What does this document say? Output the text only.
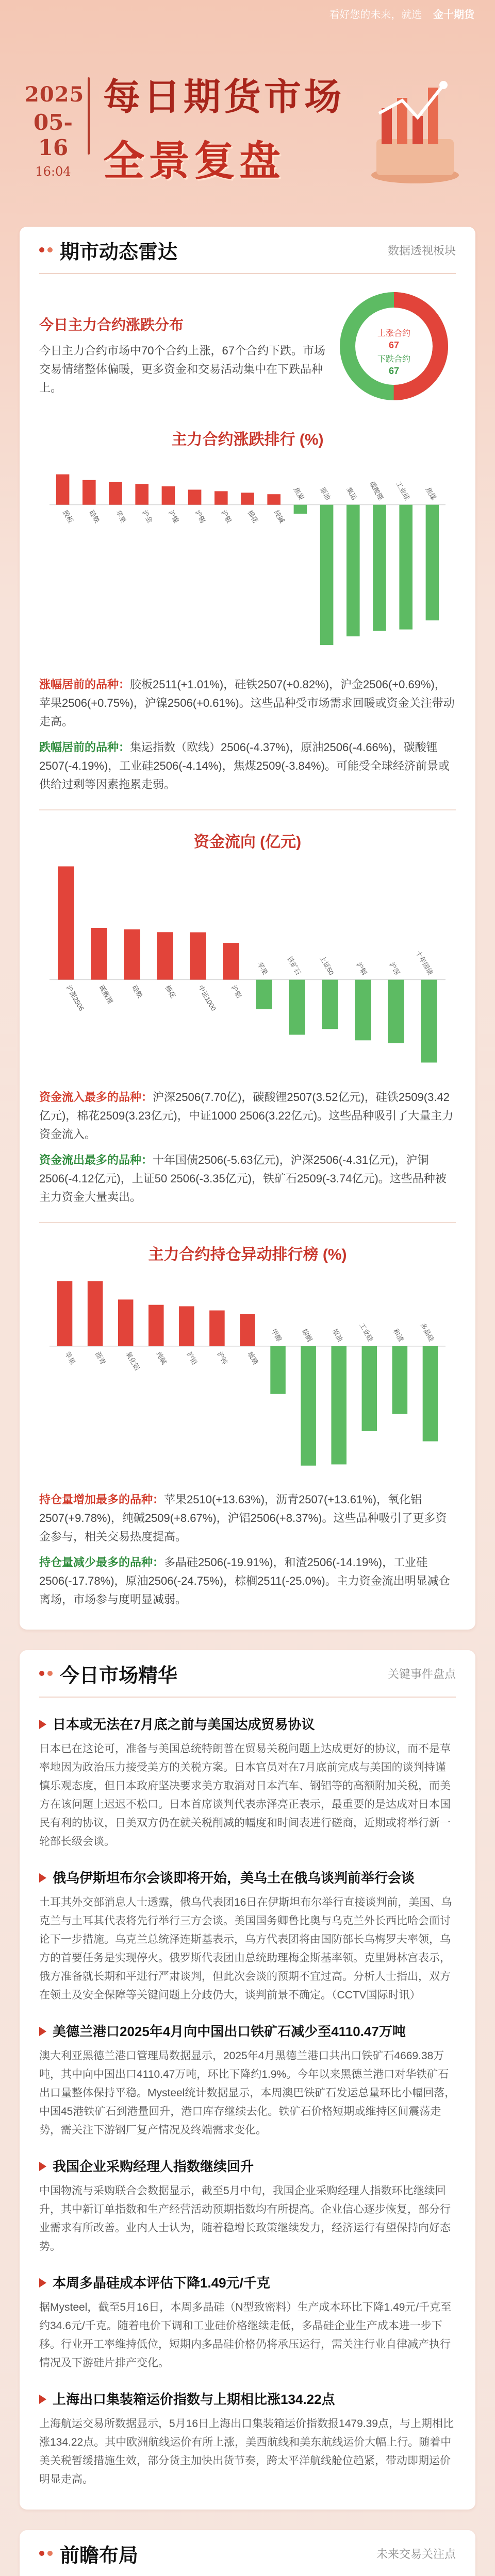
看好您的未来，就选 金十期货
2025
05-16
16:04
每日期货市场
全景复盘
期市动态雷达	数据透视板块
今日主力合约涨跌分布
今日主力合约市场中70个合约上涨，67个合约下跌。市场交易情绪整体偏暖，更多资金和交易活动集中在下跌品种上。
上涨合约
67
下跌合约
67
主力合约涨跌排行 (%)
胶板 硅铁 苹果 沪金 沪镍 沪锡 沪银 棉花 纯碱
焦炭 原油 集运 碳酸锂 工业硅 焦煤
涨幅居前的品种：胶板2511(+1.01%)，硅铁2507(+0.82%)，沪金2506(+0.69%)，苹果2506(+0.75%)，沪镍2506(+0.61%)。这些品种受市场需求回暖或资金关注带动走高。
跌幅居前的品种：集运指数（欧线）2506(-4.37%)，原油2506(-4.66%)，碳酸锂2507(-4.19%)，工业硅2506(-4.14%)，焦煤2509(-3.84%)。可能受全球经济前景或供给过剩等因素拖累走弱。
资金流向 (亿元)
沪深2506 碳酸锂 硅铁	棉花	中证1000 沪铝
苹果 铁矿石 上证50	沪铜	沪深 十年国债
资金流入最多的品种：沪深2506(7.70亿)，碳酸锂2507(3.52亿元)，硅铁2509(3.42亿元)，棉花2509(3.23亿元)，中证1000 2506(3.22亿元)。这些品种吸引了大量主力资金流入。
资金流出最多的品种：十年国债2506(-5.63亿元)，沪深2506(-4.31亿元)，沪铜2506(-4.12亿元)，上证50 2506(-3.35亿元)，铁矿石2509(-3.74亿元)。这些品种被主力资金大量卖出。
主力合约持仓异动排行榜 (%)
苹果	沥青	氧化铝 纯碱	沪铝	沪锌	玻璃
甲醇	棕榈	原油 工业硅	和渣 多晶硅
持仓量增加最多的品种：苹果2510(+13.63%)，沥青2507(+13.61%)，氧化铝2507(+9.78%)，纯碱2509(+8.67%)，沪铝2506(+8.37%)。这些品种吸引了更多资金参与，相关交易热度提高。
持仓量减少最多的品种：多晶硅2506(-19.91%)，和渣2506(-14.19%)，工业硅2506(-17.78%)，原油2506(-24.75%)，棕榈2511(-25.0%)。主力资金流出明显减仓离场，市场参与度明显减弱。
今日市场精华	关键事件盘点
日本或无法在7月底之前与美国达成贸易协议
日本已在这论可，准备与美国总统特朗普在贸易关税问题上达成更好的协议，而不是草率地因为政治压力接受美方的关税方案。日本官员对在7月底前完成与美国的谈判持谨慎乐观态度，但日本政府坚决要求美方取消对日本汽车、钢铝等的高额附加关税，而美方在该问题上迟迟不松口。日本首席谈判代表赤泽亮正表示，最重要的是达成对日本国民有利的协议，日美双方仍在就关税削减的幅度和时间表进行磋商，近期或将举行新一轮部长级会谈。
俄乌伊斯坦布尔会谈即将开始，美乌土在俄乌谈判前举行会谈
土耳其外交部消息人士透露，俄乌代表团16日在伊斯坦布尔举行直接谈判前，美国、乌克兰与土耳其代表将先行举行三方会谈。美国国务卿鲁比奥与乌克兰外长西比哈会面讨论下一步措施。乌克兰总统泽连斯基表示，乌方代表团将由国防部长乌梅罗夫率领，乌方的首要任务是实现停火。俄罗斯代表团由总统助理梅金斯基率领。克里姆林宫表示，俄方准备就长期和平进行严肃谈判，但此次会谈的预期不宜过高。分析人士指出，双方在领土及安全保障等关键问题上分歧仍大，谈判前景不确定。（CCTV国际时讯）
美德兰港口2025年4月向中国出口铁矿石减少至4110.47万吨
澳大利亚黑德兰港口管理局数据显示，2025年4月黑德兰港口共出口铁矿石4669.38万吨，其中向中国出口4110.47万吨，环比下降约1.9%。今年以来黑德兰港口对华铁矿石出口量整体保持平稳。Mysteel统计数据显示，本周澳巴铁矿石发运总量环比小幅回落，中国45港铁矿石到港量回升，港口库存继续去化。铁矿石价格短期或维持区间震荡走势，需关注下游钢厂复产情况及终端需求变化。
我国企业采购经理人指数继续回升
中国物流与采购联合会数据显示，截至5月中旬，我国企业采购经理人指数环比继续回升，其中新订单指数和生产经营活动预期指数均有所提高。企业信心逐步恢复，部分行业需求有所改善。业内人士认为，随着稳增长政策继续发力，经济运行有望保持向好态势。
本周多晶硅成本评估下降1.49元/千克
据Mysteel，截至5月16日，本周多晶硅（N型致密料）生产成本环比下降1.49元/千克至约34.6元/千克。随着电价下调和工业硅价格继续走低，多晶硅企业生产成本进一步下移。行业开工率维持低位，短期内多晶硅价格仍将承压运行，需关注行业自律减产执行情况及下游硅片排产变化。
上海出口集装箱运价指数与上期相比涨134.22点
上海航运交易所数据显示，5月16日上海出口集装箱运价指数报1479.39点，与上期相比涨134.22点。其中欧洲航线运价有所上涨，美西航线和美东航线运价大幅上行。随着中美关税暂缓措施生效，部分货主加快出货节奏，跨太平洋航线舱位趋紧，带动即期运价明显走高。
前瞻布局	未来交易关注点
